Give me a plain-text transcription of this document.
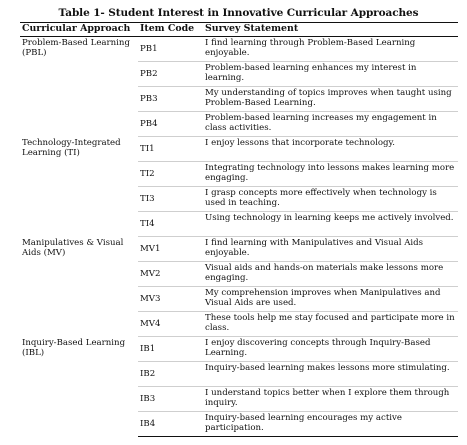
Table 1- Student Interest in Innovative Curricular Approaches
Curricular Approach	Item Code	Survey Statement
Problem-Based Learning (PBL)	PB1	I find learning through Problem-Based Learning enjoyable.
	PB2	Problem-based learning enhances my interest in learning.
	PB3	My understanding of topics improves when taught using Problem-Based Learning.
	PB4	Problem-based learning increases my engagement in class activities.
Technology-Integrated Learning (TI)	TI1	I enjoy lessons that incorporate technology.
	TI2	Integrating technology into lessons makes learning more engaging.
	TI3	I grasp concepts more effectively when technology is used in teaching.
	TI4	Using technology in learning keeps me actively involved.
Manipulatives & Visual Aids (MV)	MV1	I find learning with Manipulatives and Visual Aids enjoyable.
	MV2	Visual aids and hands-on materials make lessons more engaging.
	MV3	My comprehension improves when Manipulatives and Visual Aids are used.
	MV4	These tools help me stay focused and participate more in class.
Inquiry-Based Learning (IBL)	IB1	I enjoy discovering concepts through Inquiry-Based Learning.
	IB2	Inquiry-based learning makes lessons more stimulating.
	IB3	I understand topics better when I explore them through inquiry.
	IB4	Inquiry-based learning encourages my active participation.
